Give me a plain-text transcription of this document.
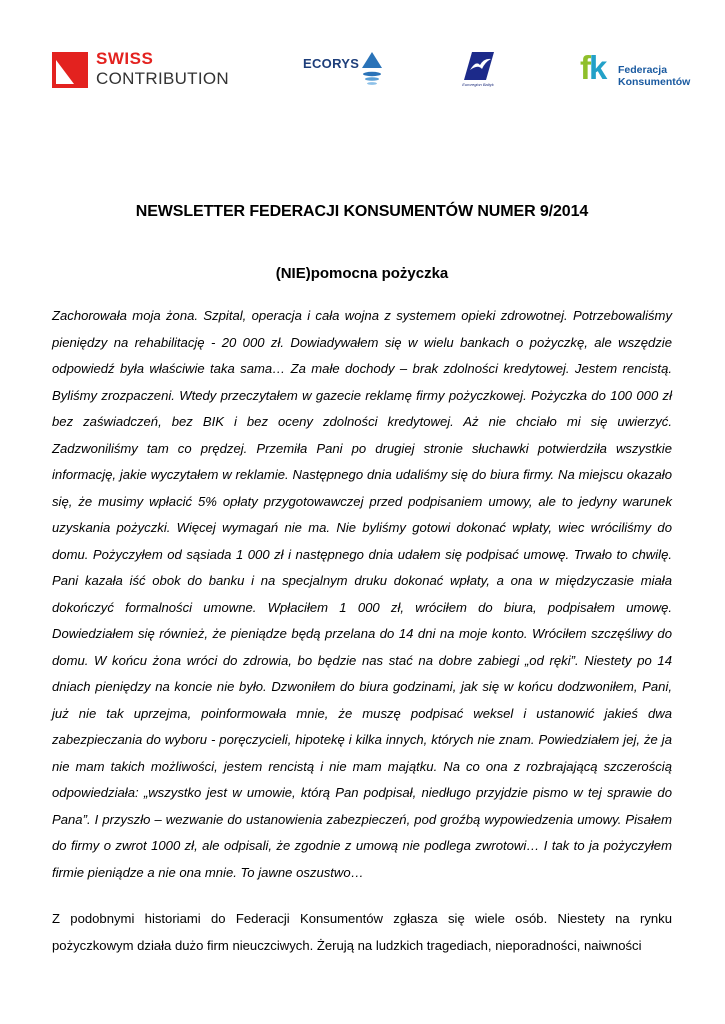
SWISS
CONTRIBUTION
ECORYS
Euroregion Baltyk	fk Federacja
Konsumentów
NEWSLETTER FEDERACJI KONSUMENTÓW NUMER 9/2014
(NIE)pomocna pożyczka

Zachorowała moja żona. Szpital, operacja i cała wojna z systemem opieki zdrowotnej. Potrzebowaliśmy pieniędzy na rehabilitację - 20 000 zł. Dowiadywałem się w wielu bankach o pożyczkę, ale wszędzie odpowiedź była właściwie taka sama… Za małe dochody – brak zdolności kredytowej. Jestem rencistą. Byliśmy zrozpaczeni. Wtedy przeczytałem w gazecie reklamę firmy pożyczkowej. Pożyczka do 100 000 zł bez zaświadczeń, bez BIK i bez oceny zdolności kredytowej. Aż nie chciało mi się uwierzyć. Zadzwoniliśmy tam co prędzej. Przemiła Pani po drugiej stronie słuchawki potwierdziła wszystkie informację, jakie wyczytałem w reklamie. Następnego dnia udaliśmy się do biura firmy. Na miejscu okazało się, że musimy wpłacić 5% opłaty przygotowawczej przed podpisaniem umowy, ale to jedyny warunek uzyskania pożyczki. Więcej wymagań nie ma. Nie byliśmy gotowi dokonać wpłaty, wiec wróciliśmy do domu. Pożyczyłem od sąsiada 1 000 zł i następnego dnia udałem się podpisać umowę. Trwało to chwilę. Pani kazała iść obok do banku i na specjalnym druku dokonać wpłaty, a ona w międzyczasie miała dokończyć formalności umowne. Wpłaciłem 1 000 zł, wróciłem do biura, podpisałem umowę. Dowiedziałem się również, że pieniądze będą przelana do 14 dni na moje konto. Wróciłem szczęśliwy do domu. W końcu żona wróci do zdrowia, bo będzie nas stać na dobre zabiegi „od ręki”. Niestety po 14 dniach pieniędzy na koncie nie było. Dzwoniłem do biura godzinami, jak się w końcu dodzwoniłem, Pani, już nie tak uprzejma, poinformowała mnie, że muszę podpisać weksel i ustanowić jakieś dwa zabezpieczania do wyboru - poręczycieli, hipotekę i kilka innych, których nie znam. Powiedziałem jej, że ja nie mam takich możliwości, jestem rencistą i nie mam majątku. Na co ona z rozbrajającą szczerością odpowiedziała: „wszystko jest w umowie, którą Pan podpisał, niedługo przyjdzie pismo w tej sprawie do Pana”. I przyszło – wezwanie do ustanowienia zabezpieczeń, pod groźbą wypowiedzenia umowy. Pisałem do firmy o zwrot 1000 zł, ale odpisali, że zgodnie z umową nie podlega zwrotowi… I tak to ja pożyczyłem firmie pieniądze a nie ona mnie. To jawne oszustwo…

Z podobnymi historiami do Federacji Konsumentów zgłasza się wiele osób. Niestety na rynku pożyczkowym działa dużo firm nieuczciwych. Żerują na ludzkich tragediach, nieporadności, naiwności
